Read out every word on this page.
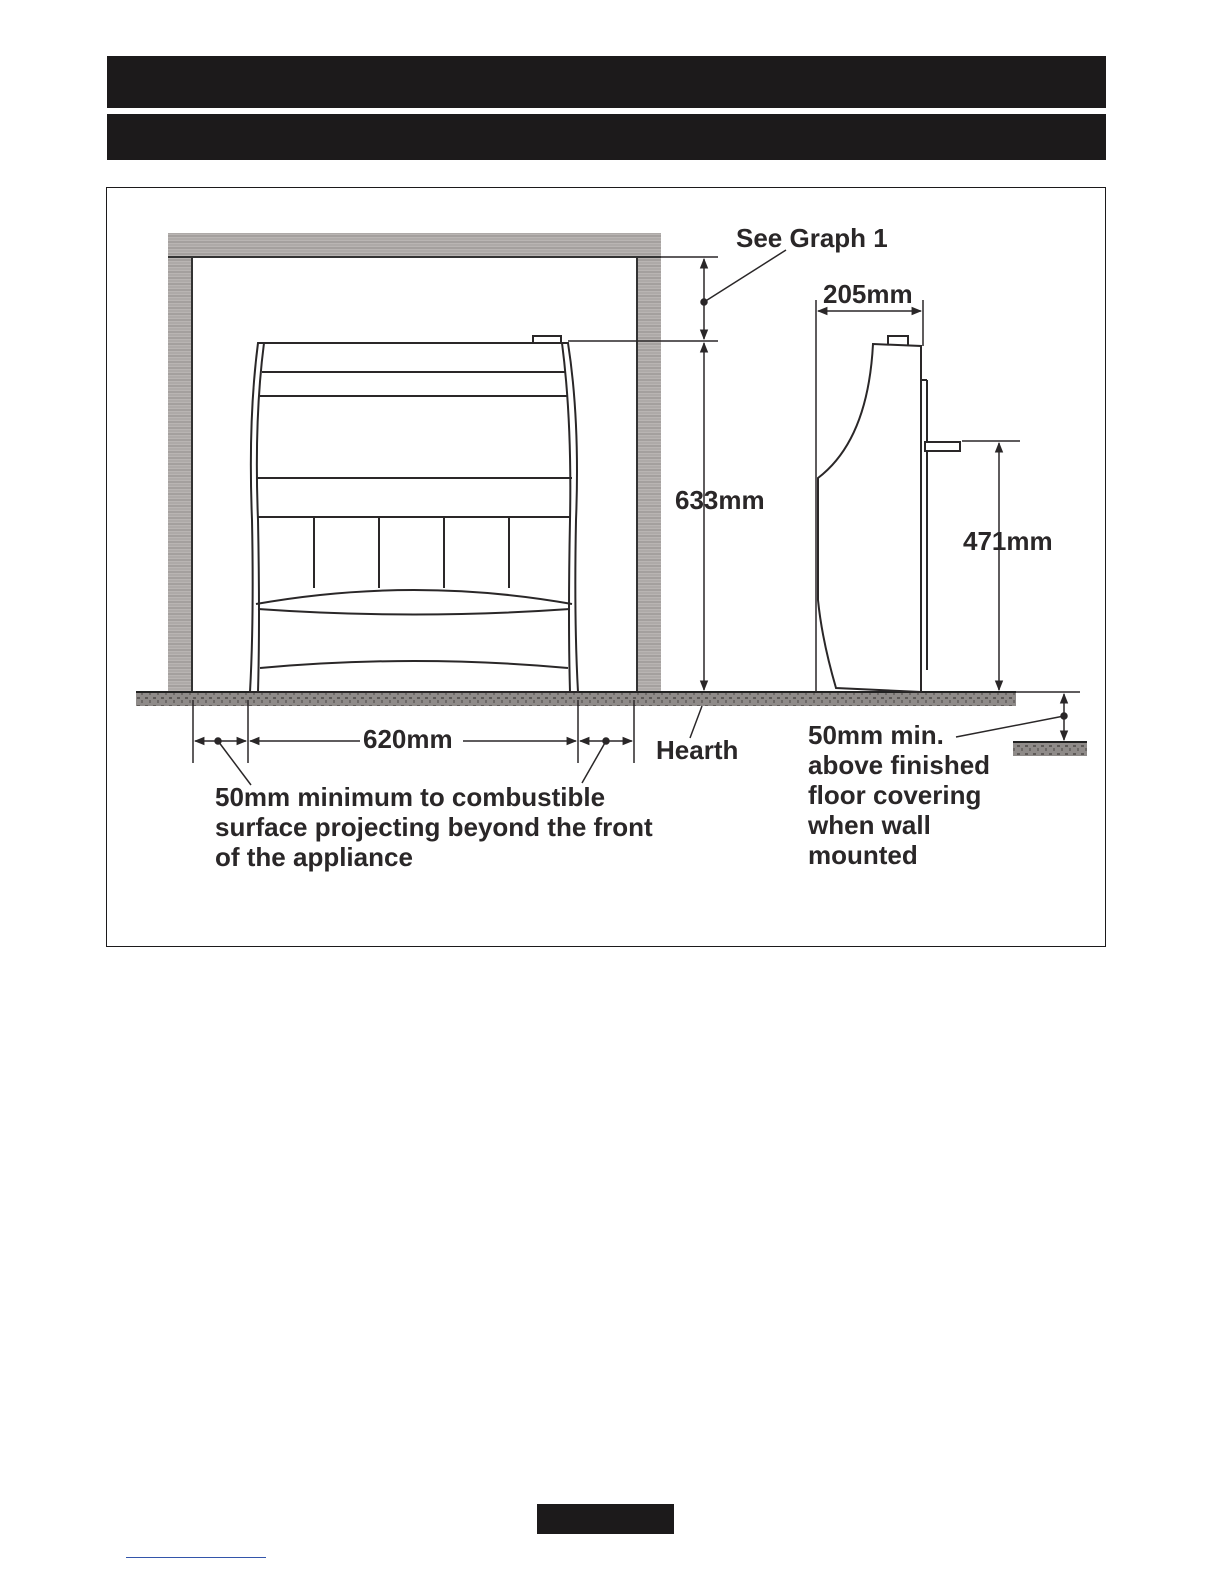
See Graph 1
205mm
633mm
471mm
620mm	Hearth
50mm minimum to combustible
surface projecting beyond the front
of the appliance
50mm min.
above finished
floor covering
when wall
mounted
